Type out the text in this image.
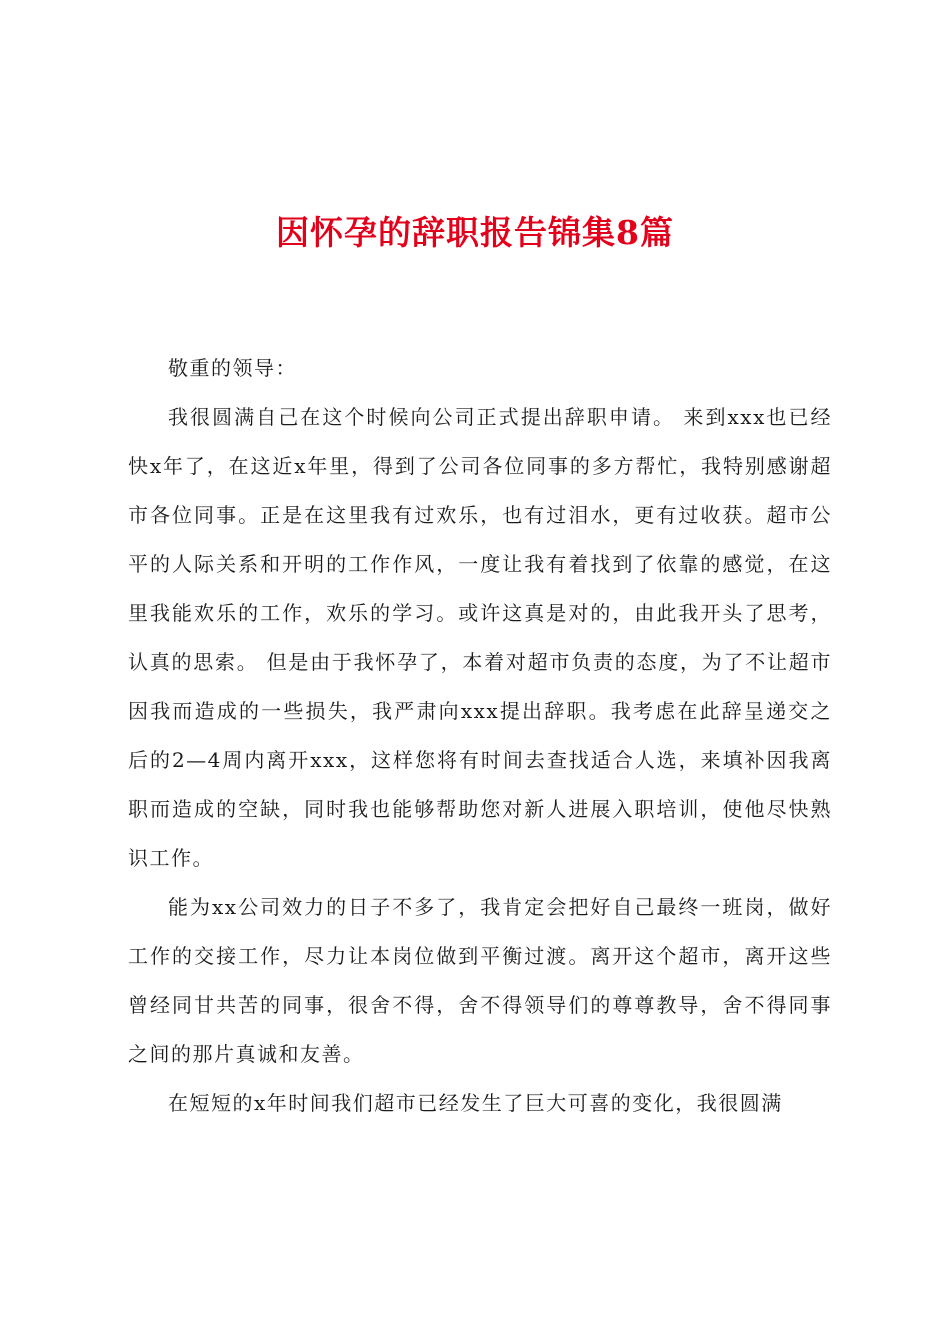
因怀孕的辞职报告锦集8篇

敬重的领导：

我很圆满自己在这个时候向公司正式提出辞职申请。 来到xxx也已经快x年了，在这近x年里，得到了公司各位同事的多方帮忙，我特别感谢超市各位同事。正是在这里我有过欢乐，也有过泪水，更有过收获。超市公平的人际关系和开明的工作作风，一度让我有着找到了依靠的感觉，在这里我能欢乐的工作，欢乐的学习。或许这真是对的，由此我开头了思考，认真的思索。 但是由于我怀孕了，本着对超市负责的态度，为了不让超市因我而造成的一些损失，我严肃向xxx提出辞职。我考虑在此辞呈递交之后的2—4周内离开xxx，这样您将有时间去查找适合人选，来填补因我离职而造成的空缺，同时我也能够帮助您对新人进展入职培训，使他尽快熟识工作。

能为xx公司效力的日子不多了，我肯定会把好自己最终一班岗，做好工作的交接工作，尽力让本岗位做到平衡过渡。离开这个超市，离开这些曾经同甘共苦的同事，很舍不得，舍不得领导们的尊尊教导，舍不得同事之间的那片真诚和友善。

在短短的x年时间我们超市已经发生了巨大可喜的变化，我很圆满
